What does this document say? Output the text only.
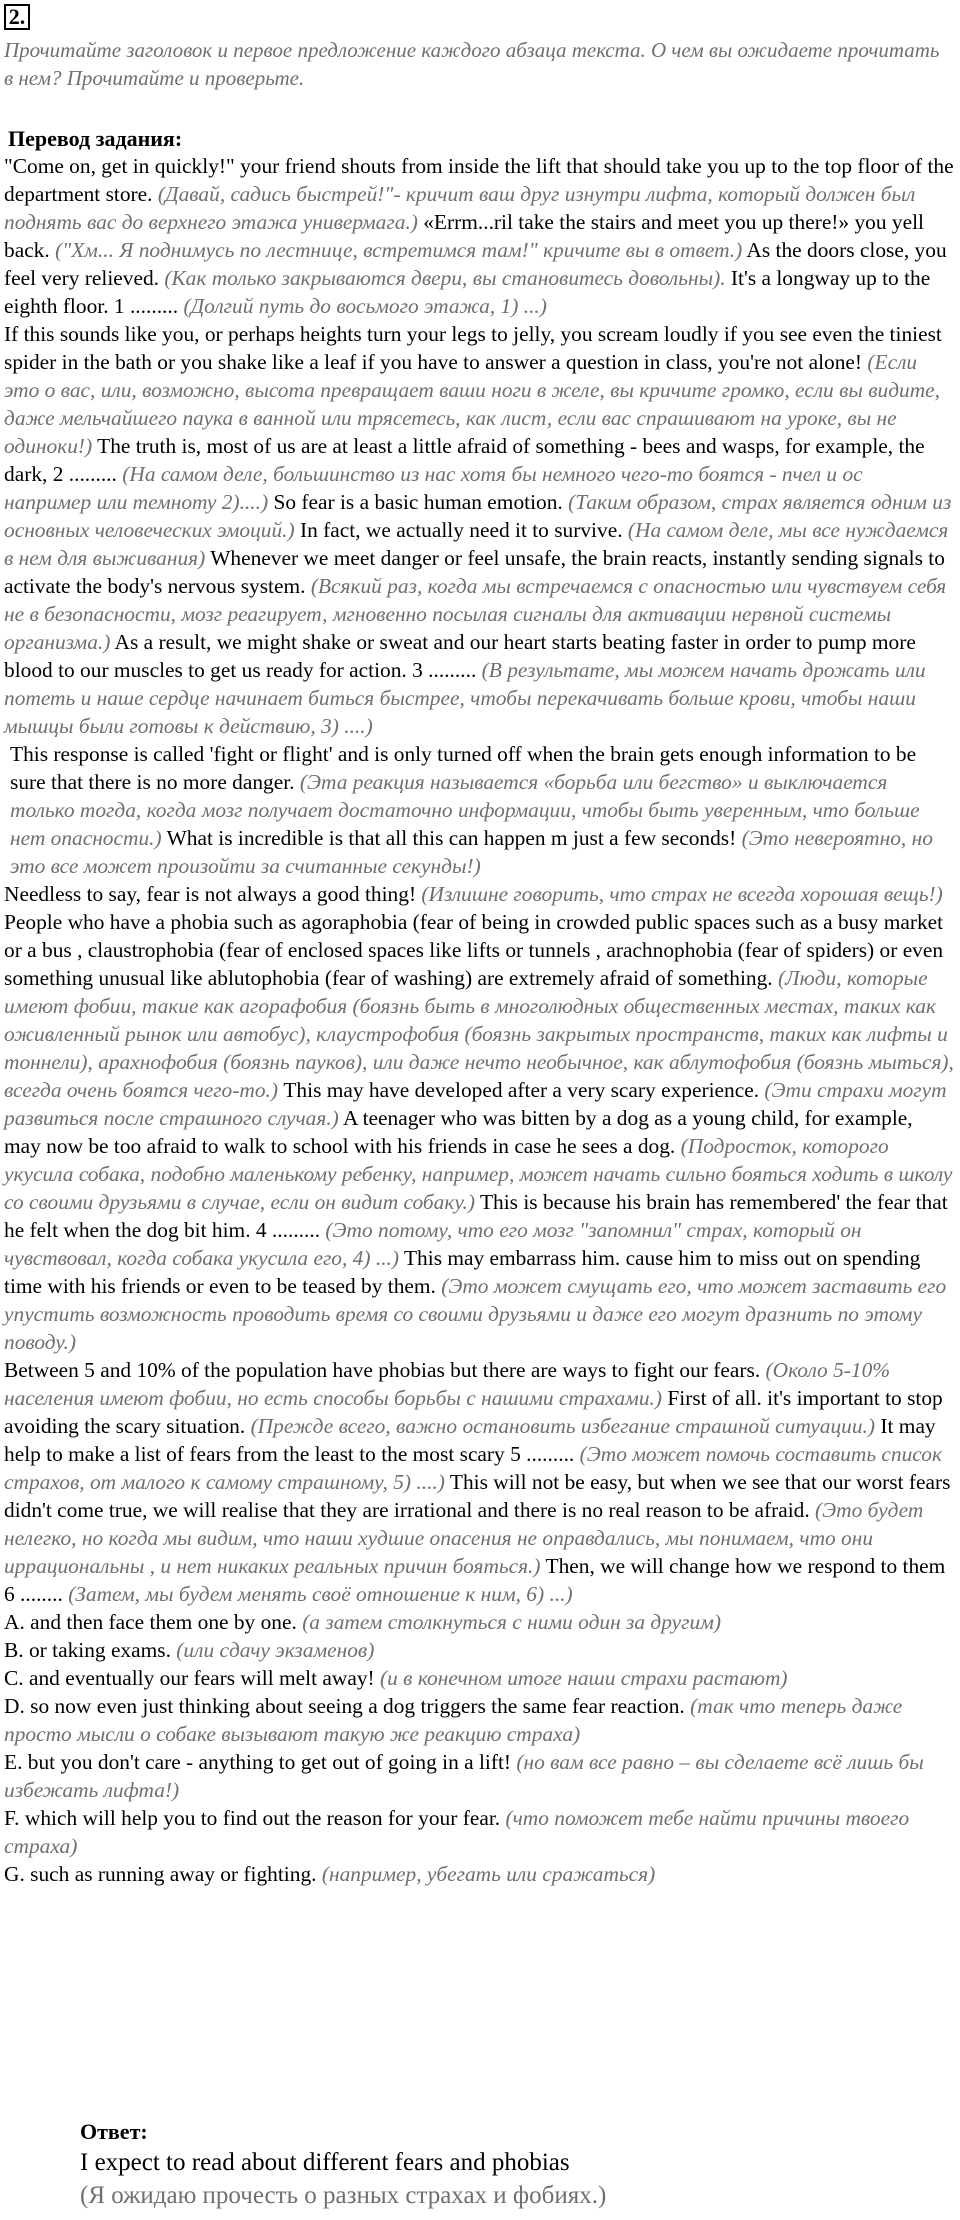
2.
Прочитайте заголовок и первое предложение каждого абзаца текста. О чем вы ожидаете прочитать в нем? Прочитайте и проверьте.
Перевод задания:

"Come on, get in quickly!" your friend shouts from inside the lift that should take you up to the top floor of the department store. (Давай, садись быстрей!"- кричит ваш друг изнутри лифта, который должен был поднять вас до верхнего этажа универмага.) «Errm...ril take the stairs and meet you up there!» you yell back. ("Хм... Я поднимусь по лестнице, встретимся там!" кричите вы в ответ.) As the doors close, you feel very relieved. (Как только закрываются двери, вы становитесь довольны). It's a longway up to the eighth floor. 1 ......... (Долгий путь до восьмого этажа, 1) ...)

If this sounds like you, or perhaps heights turn your legs to jelly, you scream loudly if you see even the tiniest spider in the bath or you shake like a leaf if you have to answer a question in class, you're not alone! (Если это о вас, или, возможно, высота превращает ваши ноги в желе, вы кричите громко, если вы видите, даже мельчайшего паука в ванной или трясетесь, как лист, если вас спрашивают на уроке, вы не одиноки!) The truth is, most of us are at least a little afraid of something - bees and wasps, for example, the dark, 2 ......... (На самом деле, большинство из нас хотя бы немного чего-то боятся - пчел и ос например или темноту 2)....) So fear is a basic human emotion. (Таким образом, страх является одним из основных человеческих эмоций.) In fact, we actually need it to survive. (На самом деле, мы все нуждаемся в нем для выживания) Whenever we meet danger or feel unsafe, the brain reacts, instantly sending signals to activate the body's nervous system. (Всякий раз, когда мы встречаемся с опасностью или чувствуем себя не в безопасности, мозг реагирует, мгновенно посылая сигналы для активации нервной системы организма.) As a result, we might shake or sweat and our heart starts beating faster in order to pump more blood to our muscles to get us ready for action. 3 ......... (В результате, мы можем начать дрожать или потеть и наше сердце начинает биться быстрее, чтобы перекачивать больше крови, чтобы наши мышцы были готовы к действию, 3) ....)

This response is called 'fight or flight' and is only turned off when the brain gets enough information to be sure that there is no more danger. (Эта реакция называется «борьба или бегство» и выключается только тогда, когда мозг получает достаточно информации, чтобы быть уверенным, что больше нет опасности.) What is incredible is that all this can happen m just a few seconds! (Это невероятно, но это все может произойти за считанные секунды!)

Needless to say, fear is not always a good thing! (Излишне говорить, что страх не всегда хорошая вещь!) People who have a phobia such as agoraphobia (fear of being in crowded public spaces such as a busy market or a bus , claustrophobia (fear of enclosed spaces like lifts or tunnels , arachnophobia (fear of spiders) or even something unusual like ablutophobia (fear of washing) are extremely afraid of something. (Люди, которые имеют фобии, такие как агорафобия (боязнь быть в многолюдных общественных местах, таких как оживленный рынок или автобус), клаустрофобия (боязнь закрытых пространств, таких как лифты и тоннели), арахнофобия (боязнь пауков), или даже нечто необычное, как аблутофобия (боязнь мыться), всегда очень боятся чего-то.) This may have developed after a very scary experience. (Эти страхи могут развиться после страшного случая.) A teenager who was bitten by a dog as a young child, for example, may now be too afraid to walk to school with his friends in case he sees a dog. (Подросток, которого укусила собака, подобно маленькому ребенку, например, может начать сильно бояться ходить в школу со своими друзьями в случае, если он видит собаку.) This is because his brain has remembered' the fear that he felt when the dog bit him. 4 ......... (Это потому, что его мозг "запомнил" страх, который он чувствовал, когда собака укусила его, 4) ...) This may embarrass him. cause him to miss out on spending time with his friends or even to be teased by them. (Это может смущать его, что может заставить его упустить возможность проводить время со своими друзьями и даже его могут дразнить по этому поводу.)

Between 5 and 10% of the population have phobias but there are ways to fight our fears. (Около 5-10% населения имеют фобии, но есть способы борьбы с нашими страхами.) First of all. it's important to stop avoiding the scary situation. (Прежде всего, важно остановить избегание страшной ситуации.) It may help to make a list of fears from the least to the most scary 5 ......... (Это может помочь составить список страхов, от малого к самому страшному, 5) ....) This will not be easy, but when we see that our worst fears didn't come true, we will realise that they are irrational and there is no real reason to be afraid. (Это будет нелегко, но когда мы видим, что наши худшие опасения не оправдались, мы понимаем, что они иррациональны , и нет никаких реальных причин бояться.) Then, we will change how we respond to them 6 ........ (Затем, мы будем менять своё отношение к ним, 6) ...)

A. and then face them one by one. (а затем столкнуться с ними один за другим)

B. or taking exams. (или сдачу экзаменов)

C. and eventually our fears will melt away! (и в конечном итоге наши страхи растают)

D. so now even just thinking about seeing a dog triggers the same fear reaction. (так что теперь даже просто мысли о собаке вызывают такую же реакцию страха)

E. but you don't care - anything to get out of going in a lift! (но вам все равно – вы сделаете всё лишь бы избежать лифта!)

F. which will help you to find out the reason for your fear. (что поможет тебе найти причины твоего страха)

G. such as running away or fighting. (например, убегать или сражаться)

Ответ:
I expect to read about different fears and phobias
(Я ожидаю прочесть о разных страхах и фобиях.)
